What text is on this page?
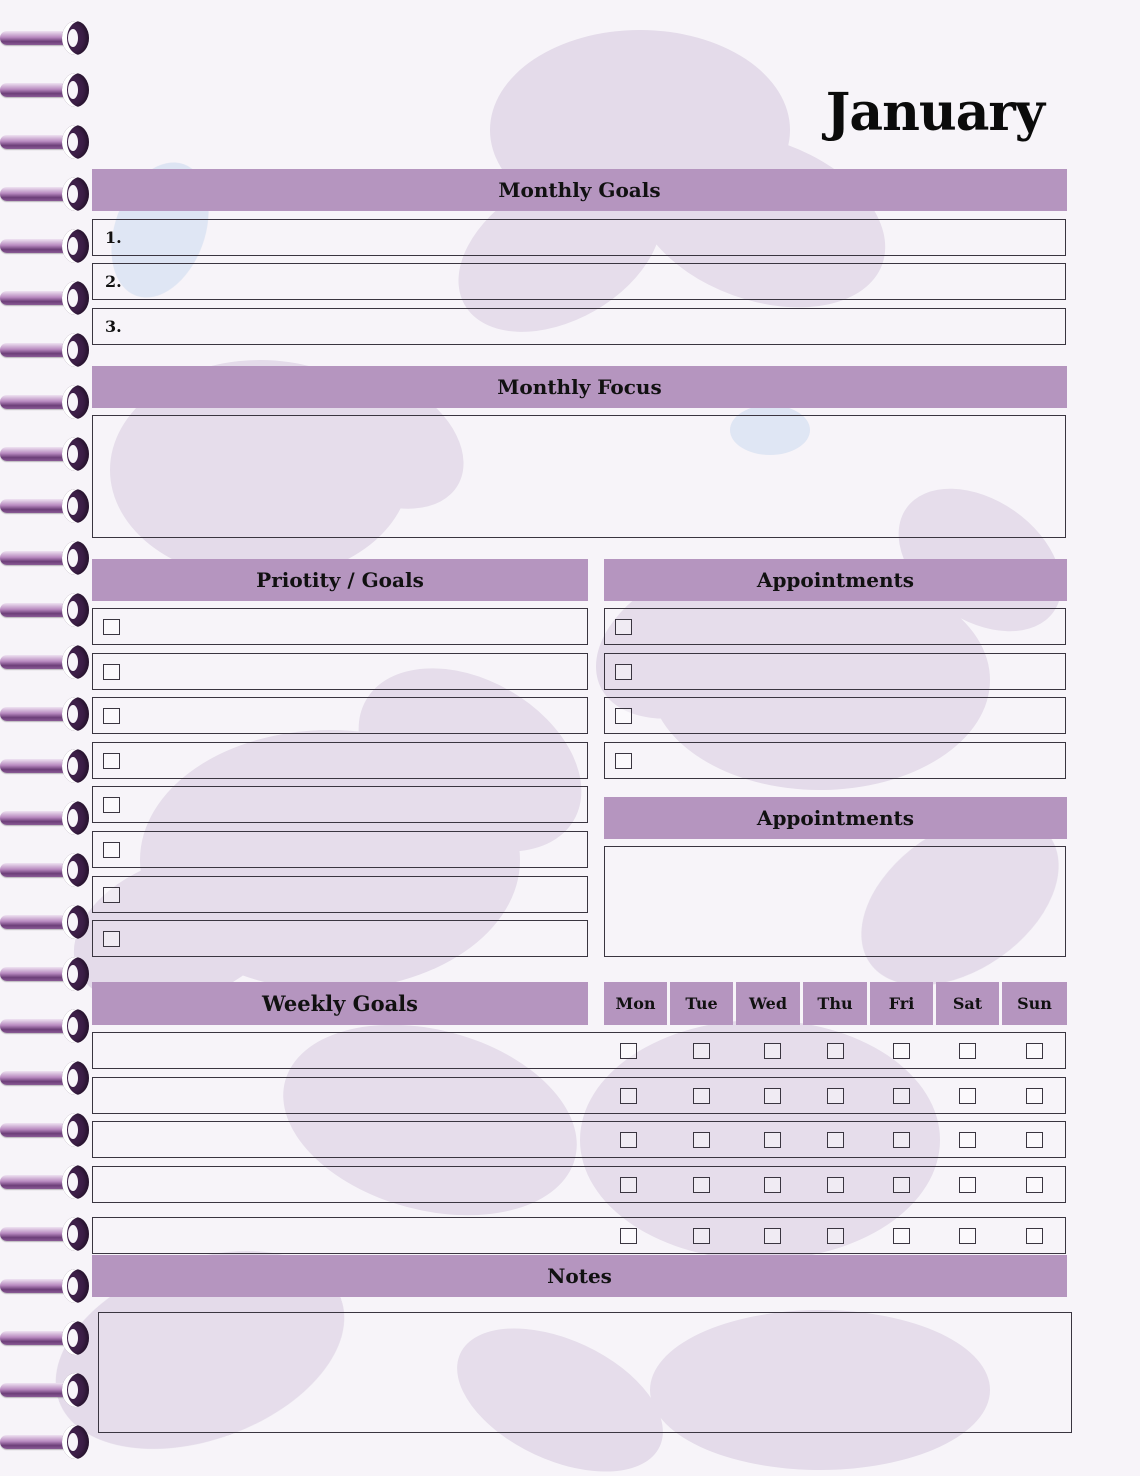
January
Monthly Goals
1.
2.
3.
Monthly Focus
Priotity / Goals	Appointments
Appointments
Weekly Goals	Mon	Tue	Wed	Thu	Fri	Sat	Sun
Notes
